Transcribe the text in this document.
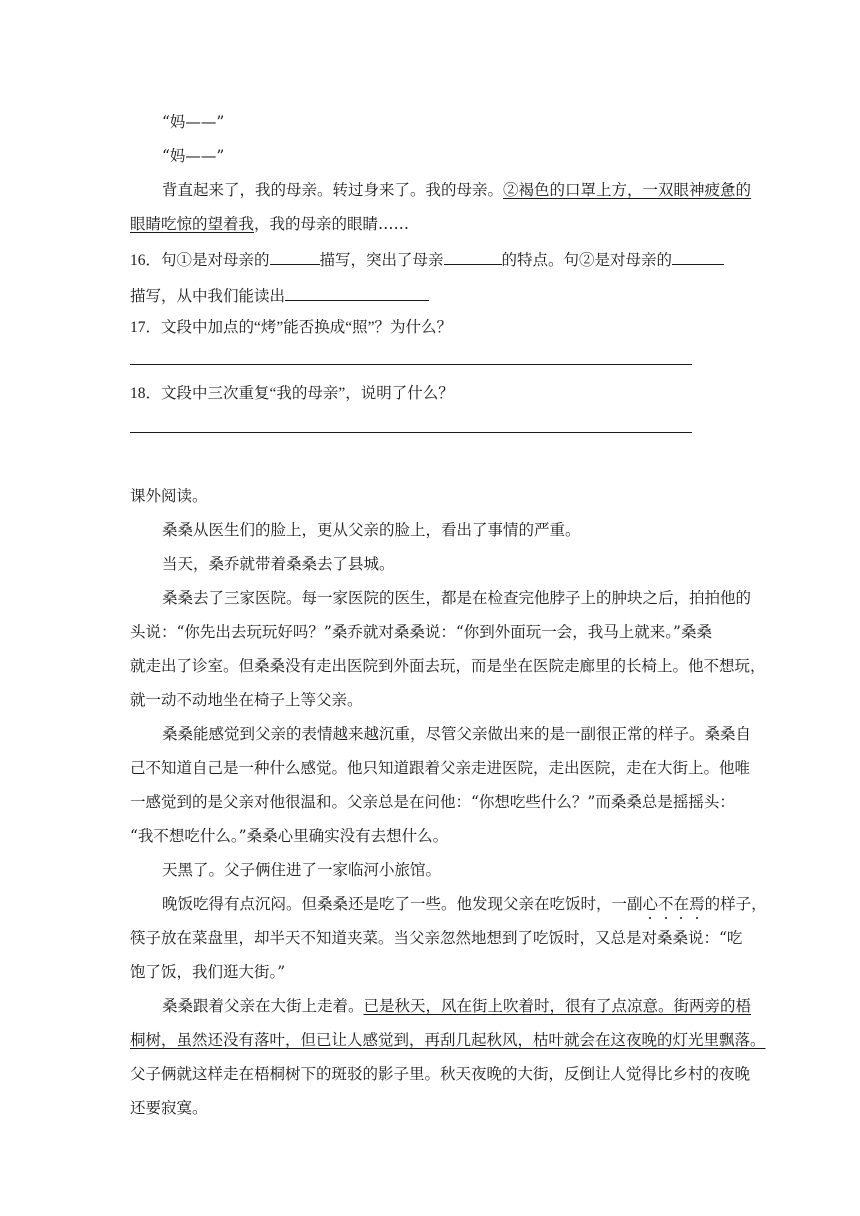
“妈——”
“妈——”
背直起来了，我的母亲。转过身来了。我的母亲。②褐色的口罩上方，一双眼神疲惫的
眼睛吃惊的望着我，我的母亲的眼睛……
16．句①是对母亲的	描写，突出了母亲	的特点。句②是对母亲的
描写，从中我们能读出
17．文段中加点的“烤”能否换成“照”？为什么？
18．文段中三次重复“我的母亲”，说明了什么？
课外阅读。
桑桑从医生们的脸上，更从父亲的脸上，看出了事情的严重。
当天，桑乔就带着桑桑去了县城。
桑桑去了三家医院。每一家医院的医生，都是在检查完他脖子上的肿块之后，拍拍他的
头说：“你先出去玩玩好吗？”桑乔就对桑桑说：“你到外面玩一会，我马上就来。”桑桑
就走出了诊室。但桑桑没有走出医院到外面去玩，而是坐在医院走廊里的长椅上。他不想玩，
就一动不动地坐在椅子上等父亲。
桑桑能感觉到父亲的表情越来越沉重，尽管父亲做出来的是一副很正常的样子。桑桑自
己不知道自己是一种什么感觉。他只知道跟着父亲走进医院，走出医院，走在大街上。他唯
一感觉到的是父亲对他很温和。父亲总是在问他：“你想吃些什么？”而桑桑总是摇摇头：
“我不想吃什么。”桑桑心里确实没有去想什么。
天黑了。父子俩住进了一家临河小旅馆。
晚饭吃得有点沉闷。但桑桑还是吃了一些。他发现父亲在吃饭时，一副心不在焉的样子，
筷子放在菜盘里，却半天不知道夹菜。当父亲忽然地想到了吃饭时，又总是对桑桑说：“吃
饱了饭，我们逛大街。”
桑桑跟着父亲在大街上走着。已是秋天，风在街上吹着时，很有了点凉意。街两旁的梧
桐树，虽然还没有落叶，但已让人感觉到，再刮几起秋风，枯叶就会在这夜晚的灯光里飘落。
父子俩就这样走在梧桐树下的斑驳的影子里。秋天夜晚的大街，反倒让人觉得比乡村的夜晚
还要寂寞。
